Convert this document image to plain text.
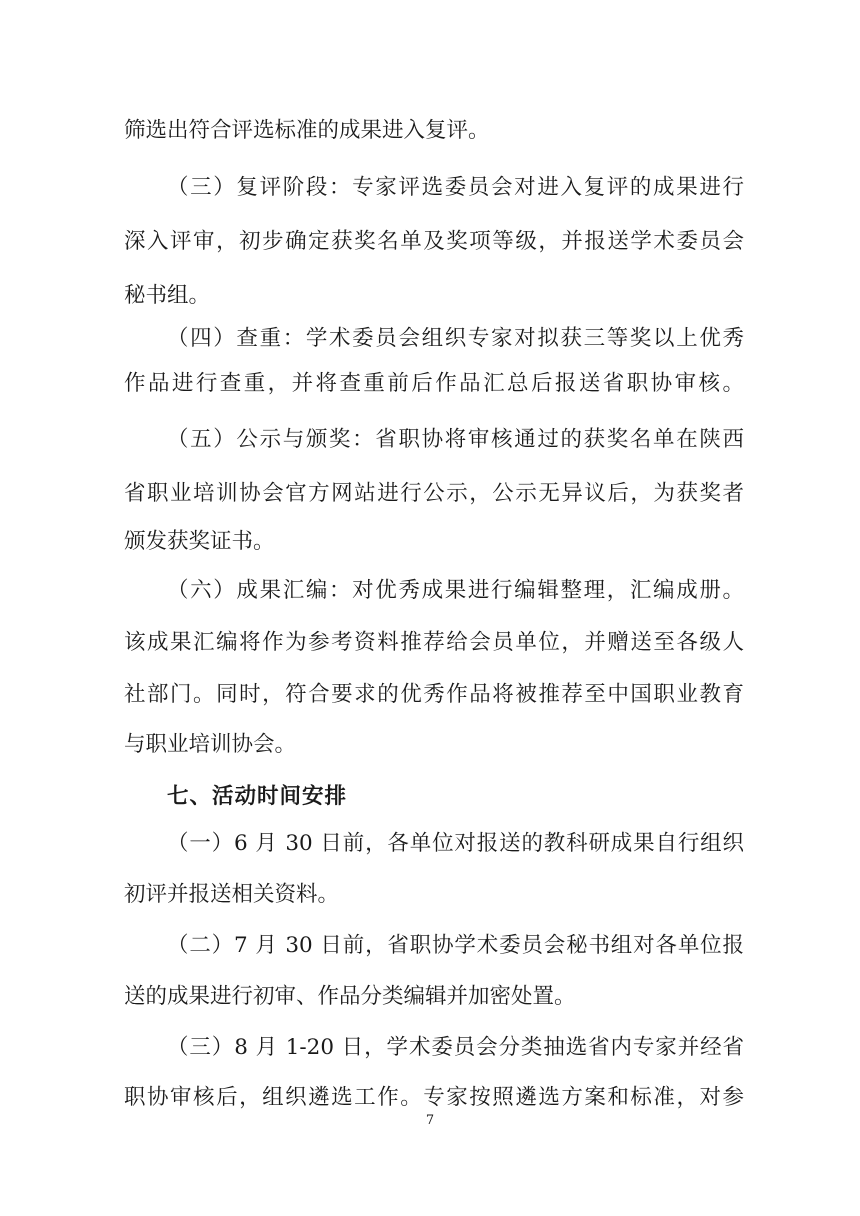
筛选出符合评选标准的成果进入复评。
（三）复评阶段：专家评选委员会对进入复评的成果进行
深入评审，初步确定获奖名单及奖项等级，并报送学术委员会
秘书组。
（四）查重：学术委员会组织专家对拟获三等奖以上优秀
作品进行查重，并将查重前后作品汇总后报送省职协审核。
（五）公示与颁奖：省职协将审核通过的获奖名单在陕西
省职业培训协会官方网站进行公示，公示无异议后，为获奖者
颁发获奖证书。
（六）成果汇编：对优秀成果进行编辑整理，汇编成册。
该成果汇编将作为参考资料推荐给会员单位，并赠送至各级人
社部门。同时，符合要求的优秀作品将被推荐至中国职业教育
与职业培训协会。
七、活动时间安排
（一）6 月 30 日前，各单位对报送的教科研成果自行组织
初评并报送相关资料。
（二）7 月 30 日前，省职协学术委员会秘书组对各单位报
送的成果进行初审、作品分类编辑并加密处置。
（三）8 月 1-20 日，学术委员会分类抽选省内专家并经省
职协审核后，组织遴选工作。专家按照遴选方案和标准，对参
7
